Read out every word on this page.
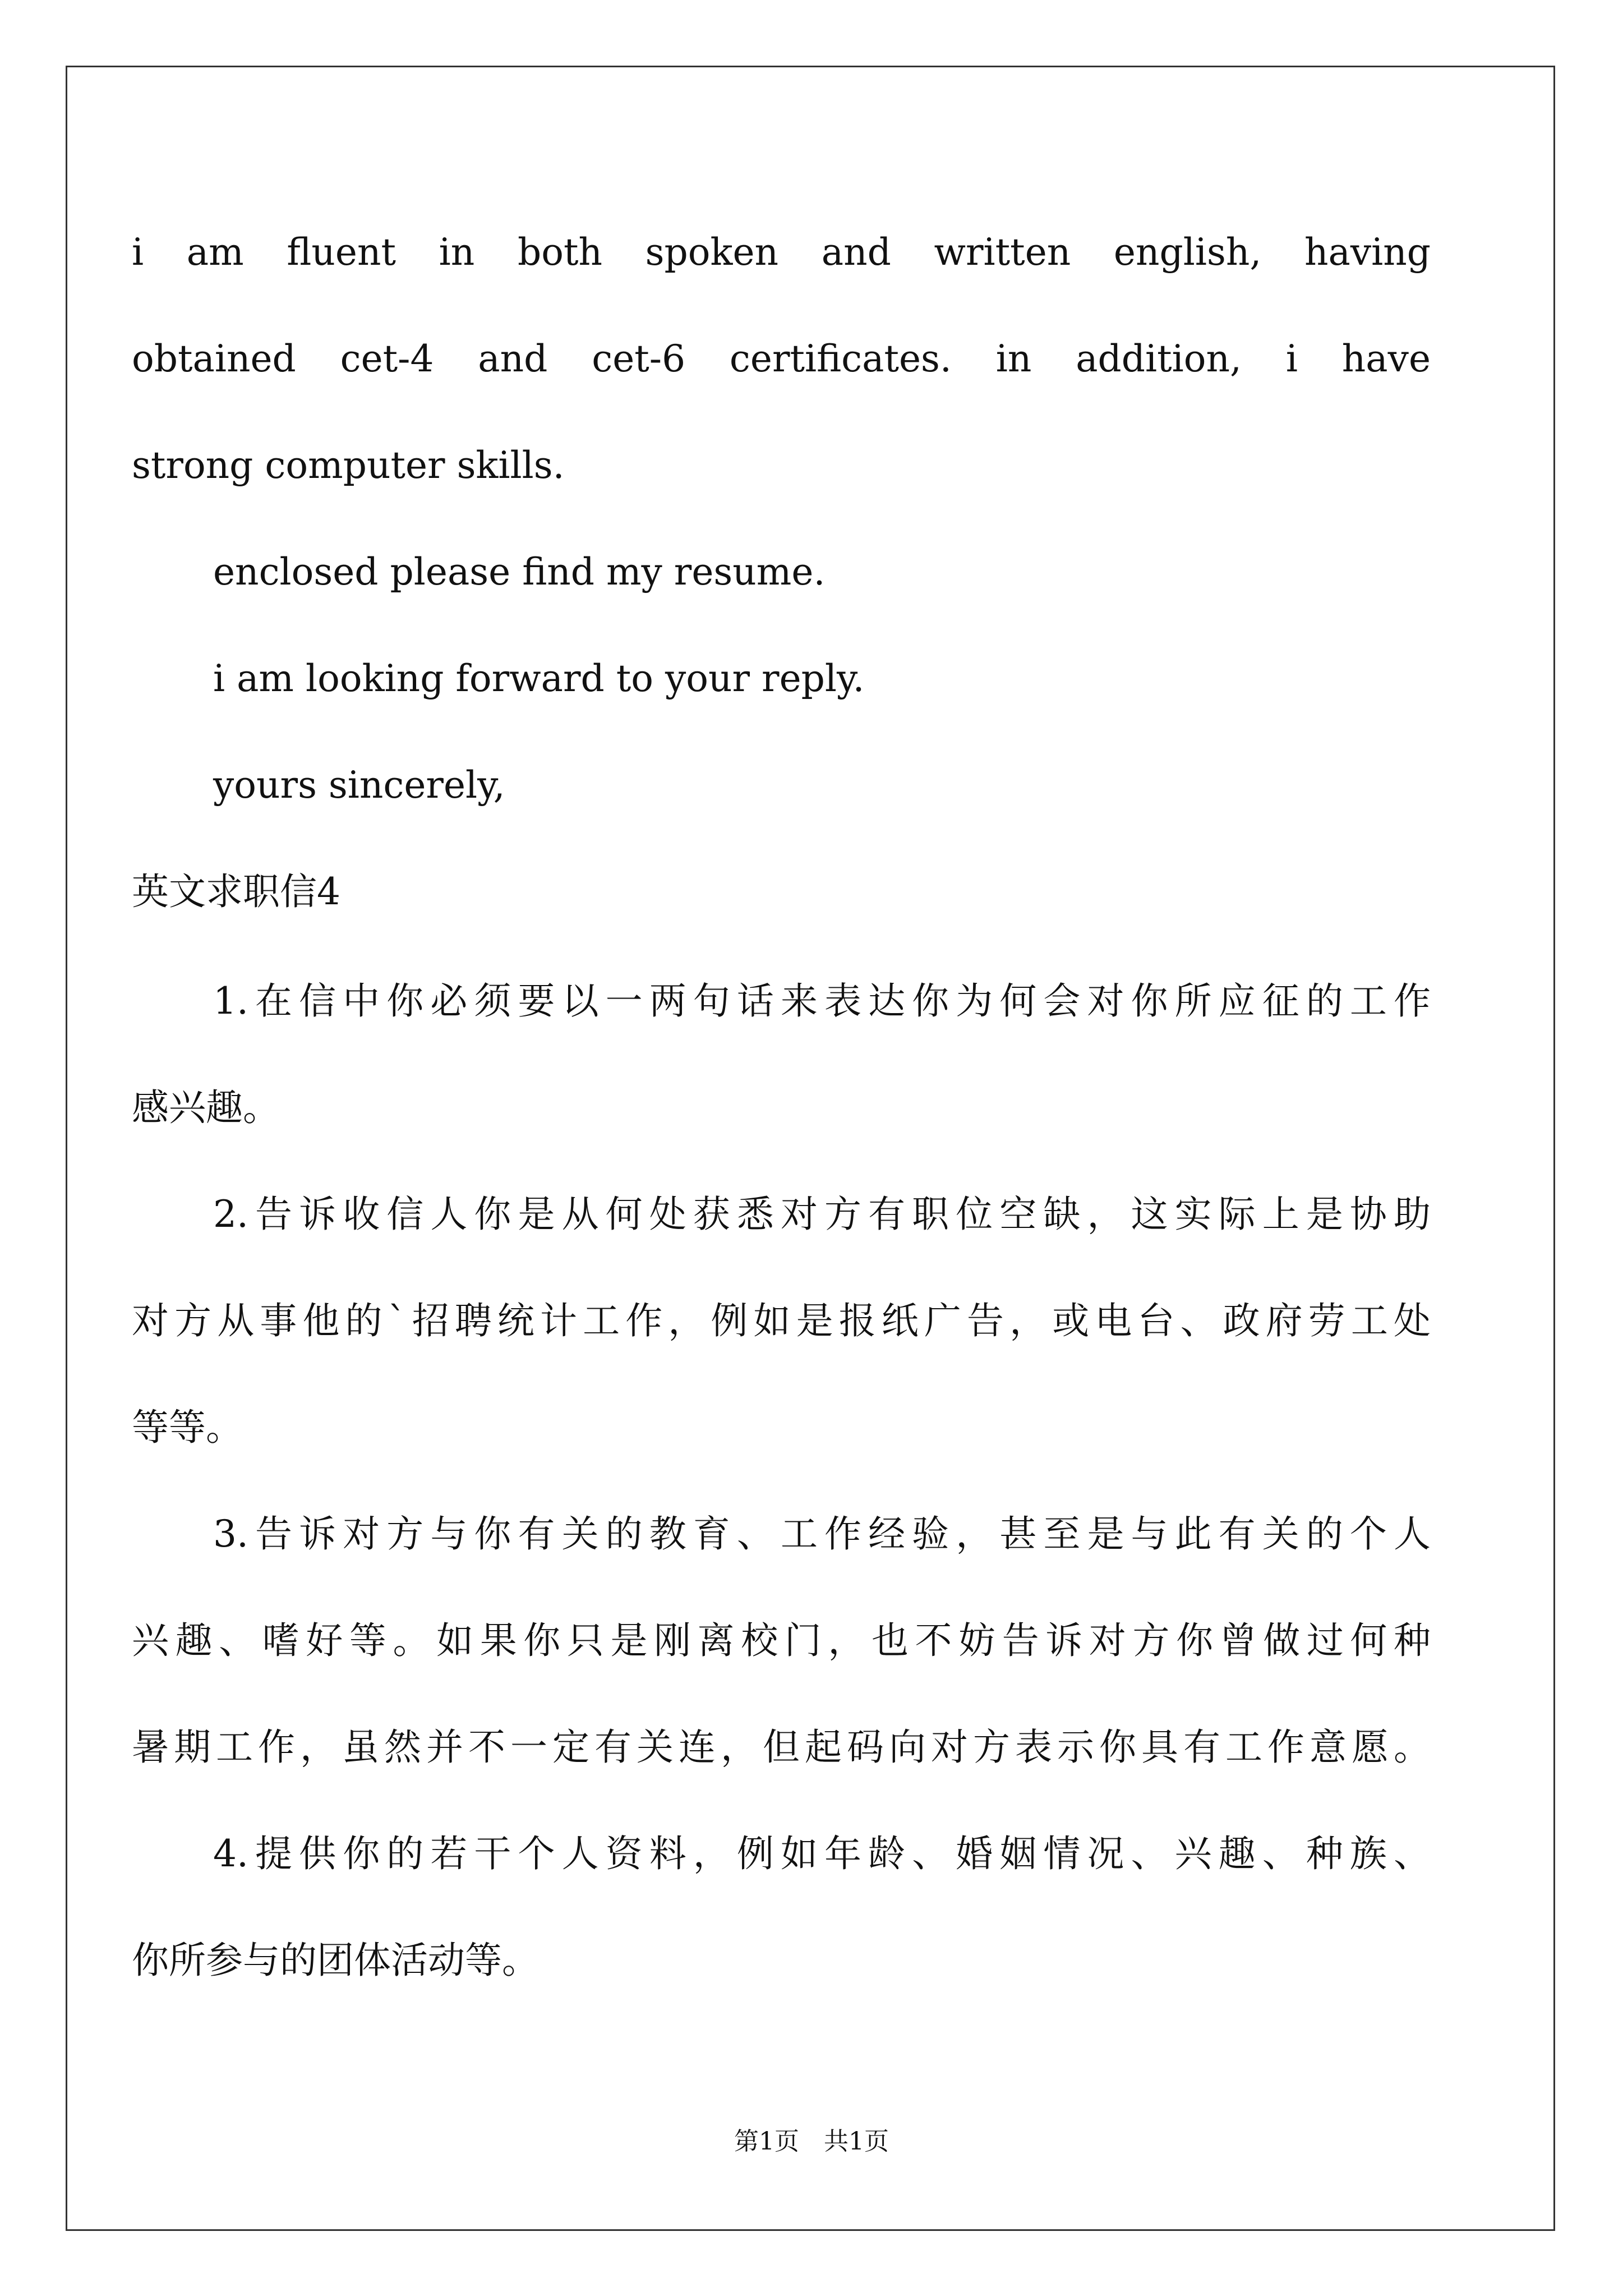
i am fluent in both spoken and written english, having
obtained cet-4 and cet-6 certificates. in addition, i have
strong computer skills.
enclosed please find my resume.
i am looking forward to your reply.
yours sincerely,
英文求职信4
1.在信中你必须要以一两句话来表达你为何会对你所应征的工作
感兴趣。
2.告诉收信人你是从何处获悉对方有职位空缺，这实际上是协助
对方从事他的`招聘统计工作，例如是报纸广告，或电台、政府劳工处
等等。
3.告诉对方与你有关的教育、工作经验，甚至是与此有关的个人
兴趣、嗜好等。如果你只是刚离校门，也不妨告诉对方你曾做过何种
暑期工作，虽然并不一定有关连，但起码向对方表示你具有工作意愿。
4.提供你的若干个人资料，例如年龄、婚姻情况、兴趣、种族、
你所参与的团体活动等。
第1页　共1页
